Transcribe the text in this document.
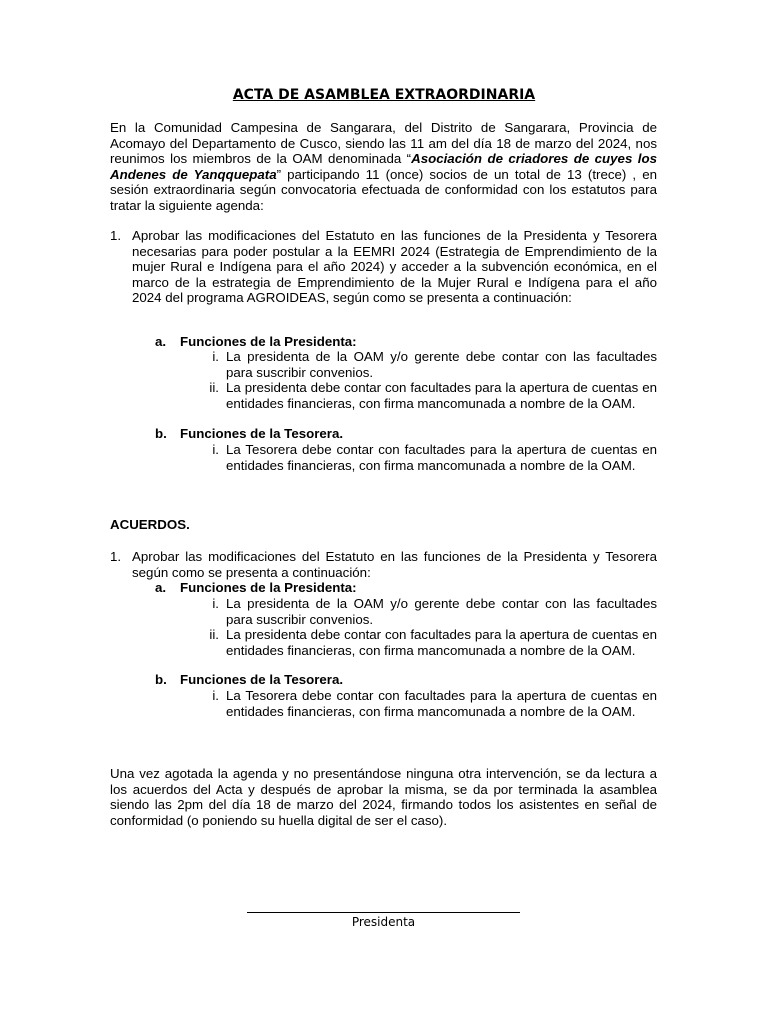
ACTA DE ASAMBLEA EXTRAORDINARIA
En la Comunidad Campesina de Sangarara, del Distrito de Sangarara, Provincia de Acomayo del Departamento de Cusco, siendo las 11 am del día 18 de marzo del 2024, nos reunimos los miembros de la OAM denominada “Asociación de criadores de cuyes los Andenes de Yanqquepata” participando 11 (once) socios de un total de 13 (trece) , en sesión extraordinaria según convocatoria efectuada de conformidad con los estatutos para tratar la siguiente agenda:
1. Aprobar las modificaciones del Estatuto en las funciones de la Presidenta y Tesorera necesarias para poder postular a la EEMRI 2024 (Estrategia de Emprendimiento de la mujer Rural e Indígena para el año 2024) y acceder a la subvención económica, en el marco de la estrategia de Emprendimiento de la Mujer Rural e Indígena para el año 2024 del programa AGROIDEAS, según como se presenta a continuación:
a. Funciones de la Presidenta:
i. La presidenta de la OAM y/o gerente debe contar con las facultades para suscribir convenios.
ii. La presidenta debe contar con facultades para la apertura de cuentas en entidades financieras, con firma mancomunada a nombre de la OAM.
b. Funciones de la Tesorera.
i. La Tesorera debe contar con facultades para la apertura de cuentas en entidades financieras, con firma mancomunada a nombre de la OAM.
ACUERDOS.
1. Aprobar las modificaciones del Estatuto en las funciones de la Presidenta y Tesorera según como se presenta a continuación:
a. Funciones de la Presidenta:
i. La presidenta de la OAM y/o gerente debe contar con las facultades para suscribir convenios.
ii. La presidenta debe contar con facultades para la apertura de cuentas en entidades financieras, con firma mancomunada a nombre de la OAM.
b. Funciones de la Tesorera.
i. La Tesorera debe contar con facultades para la apertura de cuentas en entidades financieras, con firma mancomunada a nombre de la OAM.
Una vez agotada la agenda y no presentándose ninguna otra intervención, se da lectura a los acuerdos del Acta y después de aprobar la misma, se da por terminada la asamblea siendo las 2pm del día 18 de marzo del 2024, firmando todos los asistentes en señal de conformidad (o poniendo su huella digital de ser el caso).
Presidenta
